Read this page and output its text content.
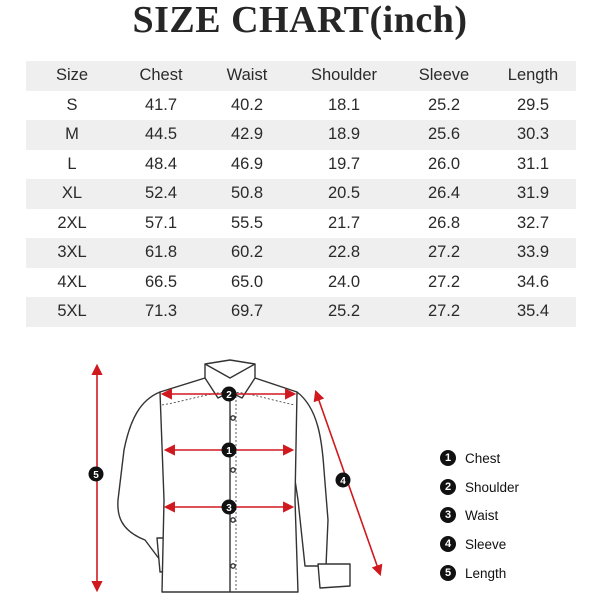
SIZE CHART(inch)
Size	Chest	Waist	Shoulder	Sleeve	Length
S	41.7	40.2	18.1	25.2	29.5
M	44.5	42.9	18.9	25.6	30.3
L	48.4	46.9	19.7	26.0	31.1
XL	52.4	50.8	20.5	26.4	31.9
2XL	57.1	55.5	21.7	26.8	32.7
3XL	61.8	60.2	22.8	27.2	33.9
4XL	66.5	65.0	24.0	27.2	34.6
5XL	71.3	69.7	25.2	27.2	35.4
5
2
1
3
4
1	Chest
2	Shoulder
3	Waist
4	Sleeve
5	Length
